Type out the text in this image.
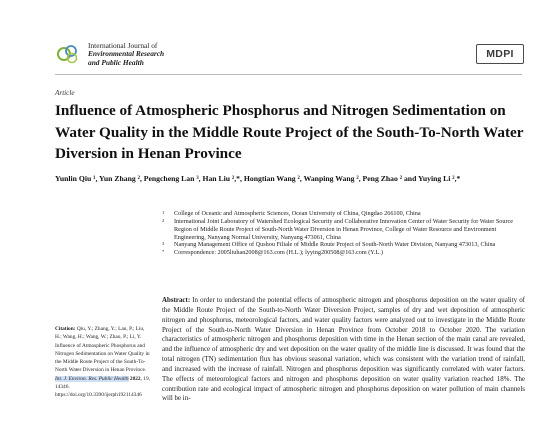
International Journal of
Environmental Research
and Public Health
MDPI
Article
Influence of Atmospheric Phosphorus and Nitrogen Sedimentation on Water Quality in the Middle Route Project of the South-To-North Water Diversion in Henan Province
Yunlin Qiu ¹, Yun Zhang ², Pengcheng Lan ³, Han Liu ²,*, Hongtian Wang ², Wanping Wang ², Peng Zhao ² and Yuying Li ²,*
1 College of Oceanic and Atmospheric Sciences, Ocean University of China, Qingdao 266100, China
2 International Joint Laboratory of Watershed Ecological Security and Collaborative Innovation Center of Water Security for Water Source Region of Middle Route Project of South-North Water Diversion in Henan Province, College of Water Resource and Environment Engineering, Nanyang Normal University, Nanyang 473061, China
3 Nanyang Management Office of Qushou Filiale of Middle Route Project of South-North Water Division, Nanyang 473013, China
* Correspondence: 2005liuhan2008@163.com (H.L.); lyying200508@163.com (Y.L.)
Abstract: In order to understand the potential effects of atmospheric nitrogen and phosphorus deposition on the water quality of the Middle Route Project of the South-to-North Water Diversion Project, samples of dry and wet deposition of atmospheric nitrogen and phosphorus, meteorological factors, and water quality factors were analyzed out to investigate in the Middle Route Project of the South-to-North Water Diversion in Henan Province from October 2018 to October 2020. The variation characteristics of atmospheric nitrogen and phosphorus deposition with time in the Henan section of the main canal are revealed, and the influence of atmospheric dry and wet deposition on the water quality of the middle line is discussed. It was found that the total nitrogen (TN) sedimentation flux has obvious seasonal variation, which was consistent with the variation trend of rainfall, and increased with the increase of rainfall. Nitrogen and phosphorus deposition was significantly correlated with water factors. The effects of meteorological factors and nitrogen and phosphorus deposition on water quality variation reached 18%. The contribution rate and ecological impact of atmospheric nitrogen and phosphorus deposition on water pollution of main channels will be in-
Citation: Qiu, Y.; Zhang, Y.; Lan, P.; Liu, H.; Wang, H.; Wang, W.; Zhao, P.; Li, Y. Influence of Atmospheric Phosphorus and Nitrogen Sedimentation on Water Quality in the Middle Route Project of the South-To-North Water Diversion in Henan Province. Int. J. Environ. Res. Public Health 2022, 19, 14346. https://doi.org/10.3390/ijerph192114346
